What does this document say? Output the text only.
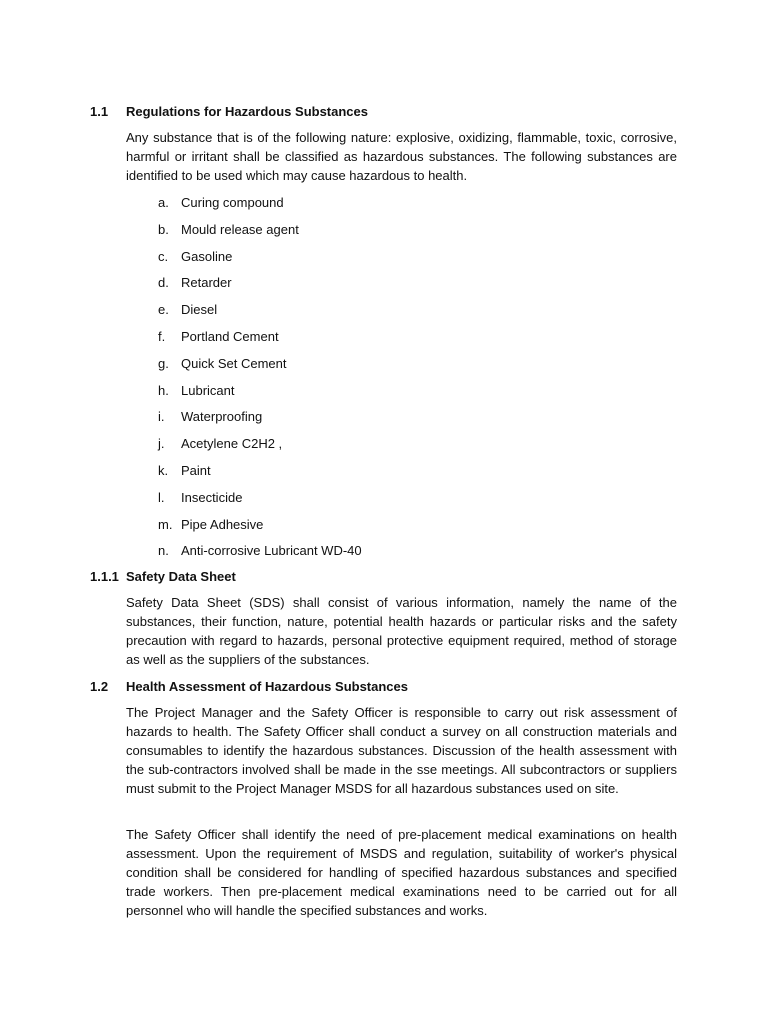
1.1 Regulations for Hazardous Substances

Any substance that is of the following nature: explosive, oxidizing, flammable, toxic, corrosive, harmful or irritant shall be classified as hazardous substances. The following substances are identified to be used which may cause hazardous to health.

a. Curing compound
b. Mould release agent
c. Gasoline
d. Retarder
e. Diesel
f. Portland Cement
g. Quick Set Cement
h. Lubricant
i. Waterproofing
j. Acetylene C2H2 ,
k. Paint
l. Insecticide
m. Pipe Adhesive
n. Anti-corrosive Lubricant WD-40
1.1.1 Safety Data Sheet

Safety Data Sheet (SDS) shall consist of various information, namely the name of the substances, their function, nature, potential health hazards or particular risks and the safety precaution with regard to hazards, personal protective equipment required, method of storage as well as the suppliers of the substances.

1.2 Health Assessment of Hazardous Substances

The Project Manager and the Safety Officer is responsible to carry out risk assessment of hazards to health. The Safety Officer shall conduct a survey on all construction materials and consumables to identify the hazardous substances. Discussion of the health assessment with the sub-contractors involved shall be made in the sse meetings. All subcontractors or suppliers must submit to the Project Manager MSDS for all hazardous substances used on site.

The Safety Officer shall identify the need of pre-placement medical examinations on health assessment. Upon the requirement of MSDS and regulation, suitability of worker's physical condition shall be considered for handling of specified hazardous substances and specified trade workers. Then pre-placement medical examinations need to be carried out for all personnel who will handle the specified substances and works.
